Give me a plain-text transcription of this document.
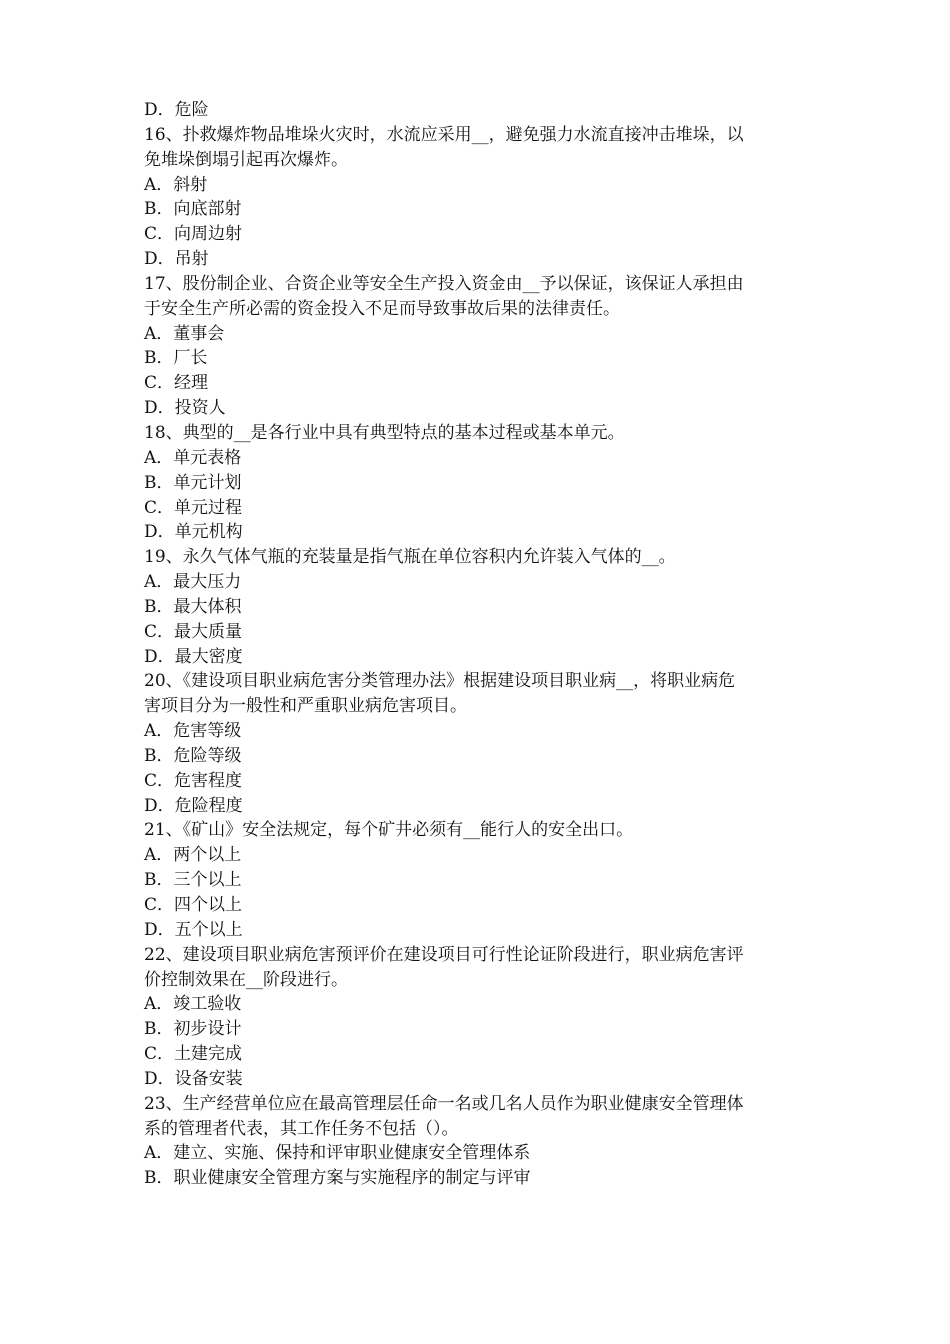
D．危险
16、扑救爆炸物品堆垛火灾时，水流应采用__，避免强力水流直接冲击堆垛，以
免堆垛倒塌引起再次爆炸。
A．斜射
B．向底部射
C．向周边射
D．吊射
17、股份制企业、合资企业等安全生产投入资金由__予以保证，该保证人承担由
于安全生产所必需的资金投入不足而导致事故后果的法律责任。
A．董事会
B．厂长
C．经理
D．投资人
18、典型的__是各行业中具有典型特点的基本过程或基本单元。
A．单元表格
B．单元计划
C．单元过程
D．单元机构
19、永久气体气瓶的充装量是指气瓶在单位容积内允许装入气体的__。
A．最大压力
B．最大体积
C．最大质量
D．最大密度
20、《建设项目职业病危害分类管理办法》根据建设项目职业病__，将职业病危
害项目分为一般性和严重职业病危害项目。
A．危害等级
B．危险等级
C．危害程度
D．危险程度
21、《矿山》安全法规定，每个矿井必须有__能行人的安全出口。
A．两个以上
B．三个以上
C．四个以上
D．五个以上
22、建设项目职业病危害预评价在建设项目可行性论证阶段进行，职业病危害评
价控制效果在__阶段进行。
A．竣工验收
B．初步设计
C．土建完成
D．设备安装
23、生产经营单位应在最高管理层任命一名或几名人员作为职业健康安全管理体
系的管理者代表，其工作任务不包括（）。
A．建立、实施、保持和评审职业健康安全管理体系
B．职业健康安全管理方案与实施程序的制定与评审
